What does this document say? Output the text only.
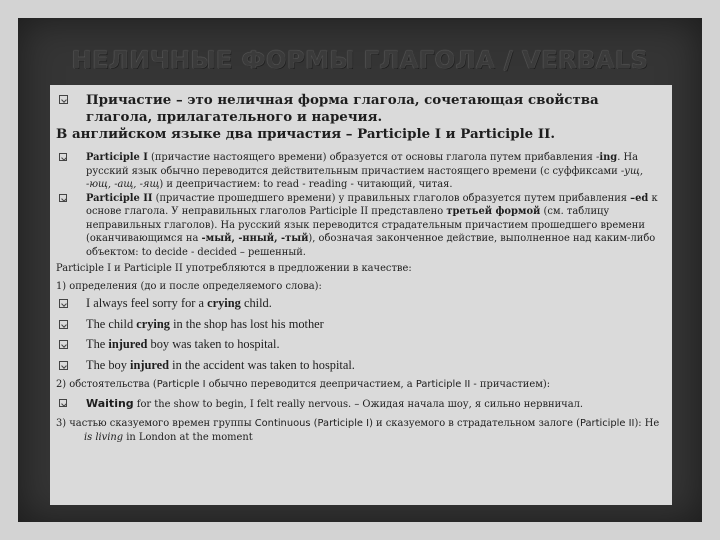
НЕЛИЧНЫЕ ФОРМЫ ГЛАГОЛА / VERBALS
Причастие – это неличная форма глагола, сочетающая свойства глагола, прилагательного и наречия.
В английском языке два причастия – Participle I и Participle II.
Participle I (причастие настоящего времени) образуется от основы глагола путем прибавления -ing. На русский язык обычно переводится действительным причастием настоящего времени (с суффиксами -ущ, -ющ, -ащ, -ящ) и деепричастием: to read - reading - читающий, читая.
Participle II (причастие прошедшего времени) у правильных глаголов образуется путем прибавления –ed к основе глагола. У неправильных глаголов Participle II представлено третьей формой (см. таблицу неправильных глаголов). На русский язык переводится страдательным причастием прошедшего времени (оканчивающимся на -мый, -нный, -тый), обозначая законченное действие, выполненное над каким-либо объектом: to decide - decided – решенный.
Participle I и Participle II употребляются в предложении в качестве:
1) определения (до и после определяемого слова):
I always feel sorry for a crying child.
The child crying in the shop has lost his mother
The injured boy was taken to hospital.
The boy injured in the accident was taken to hospital.
2) обстоятельства (Particple I обычно переводится деепричастием, а Participle II - причастием):
Waiting for the show to begin, I felt really nervous. – Ожидая начала шоу, я сильно нервничал.
3) частью сказуемого времен группы Continuous (Participle I) и сказуемого в страдательном залоге (Participle II): He is living in London at the moment
